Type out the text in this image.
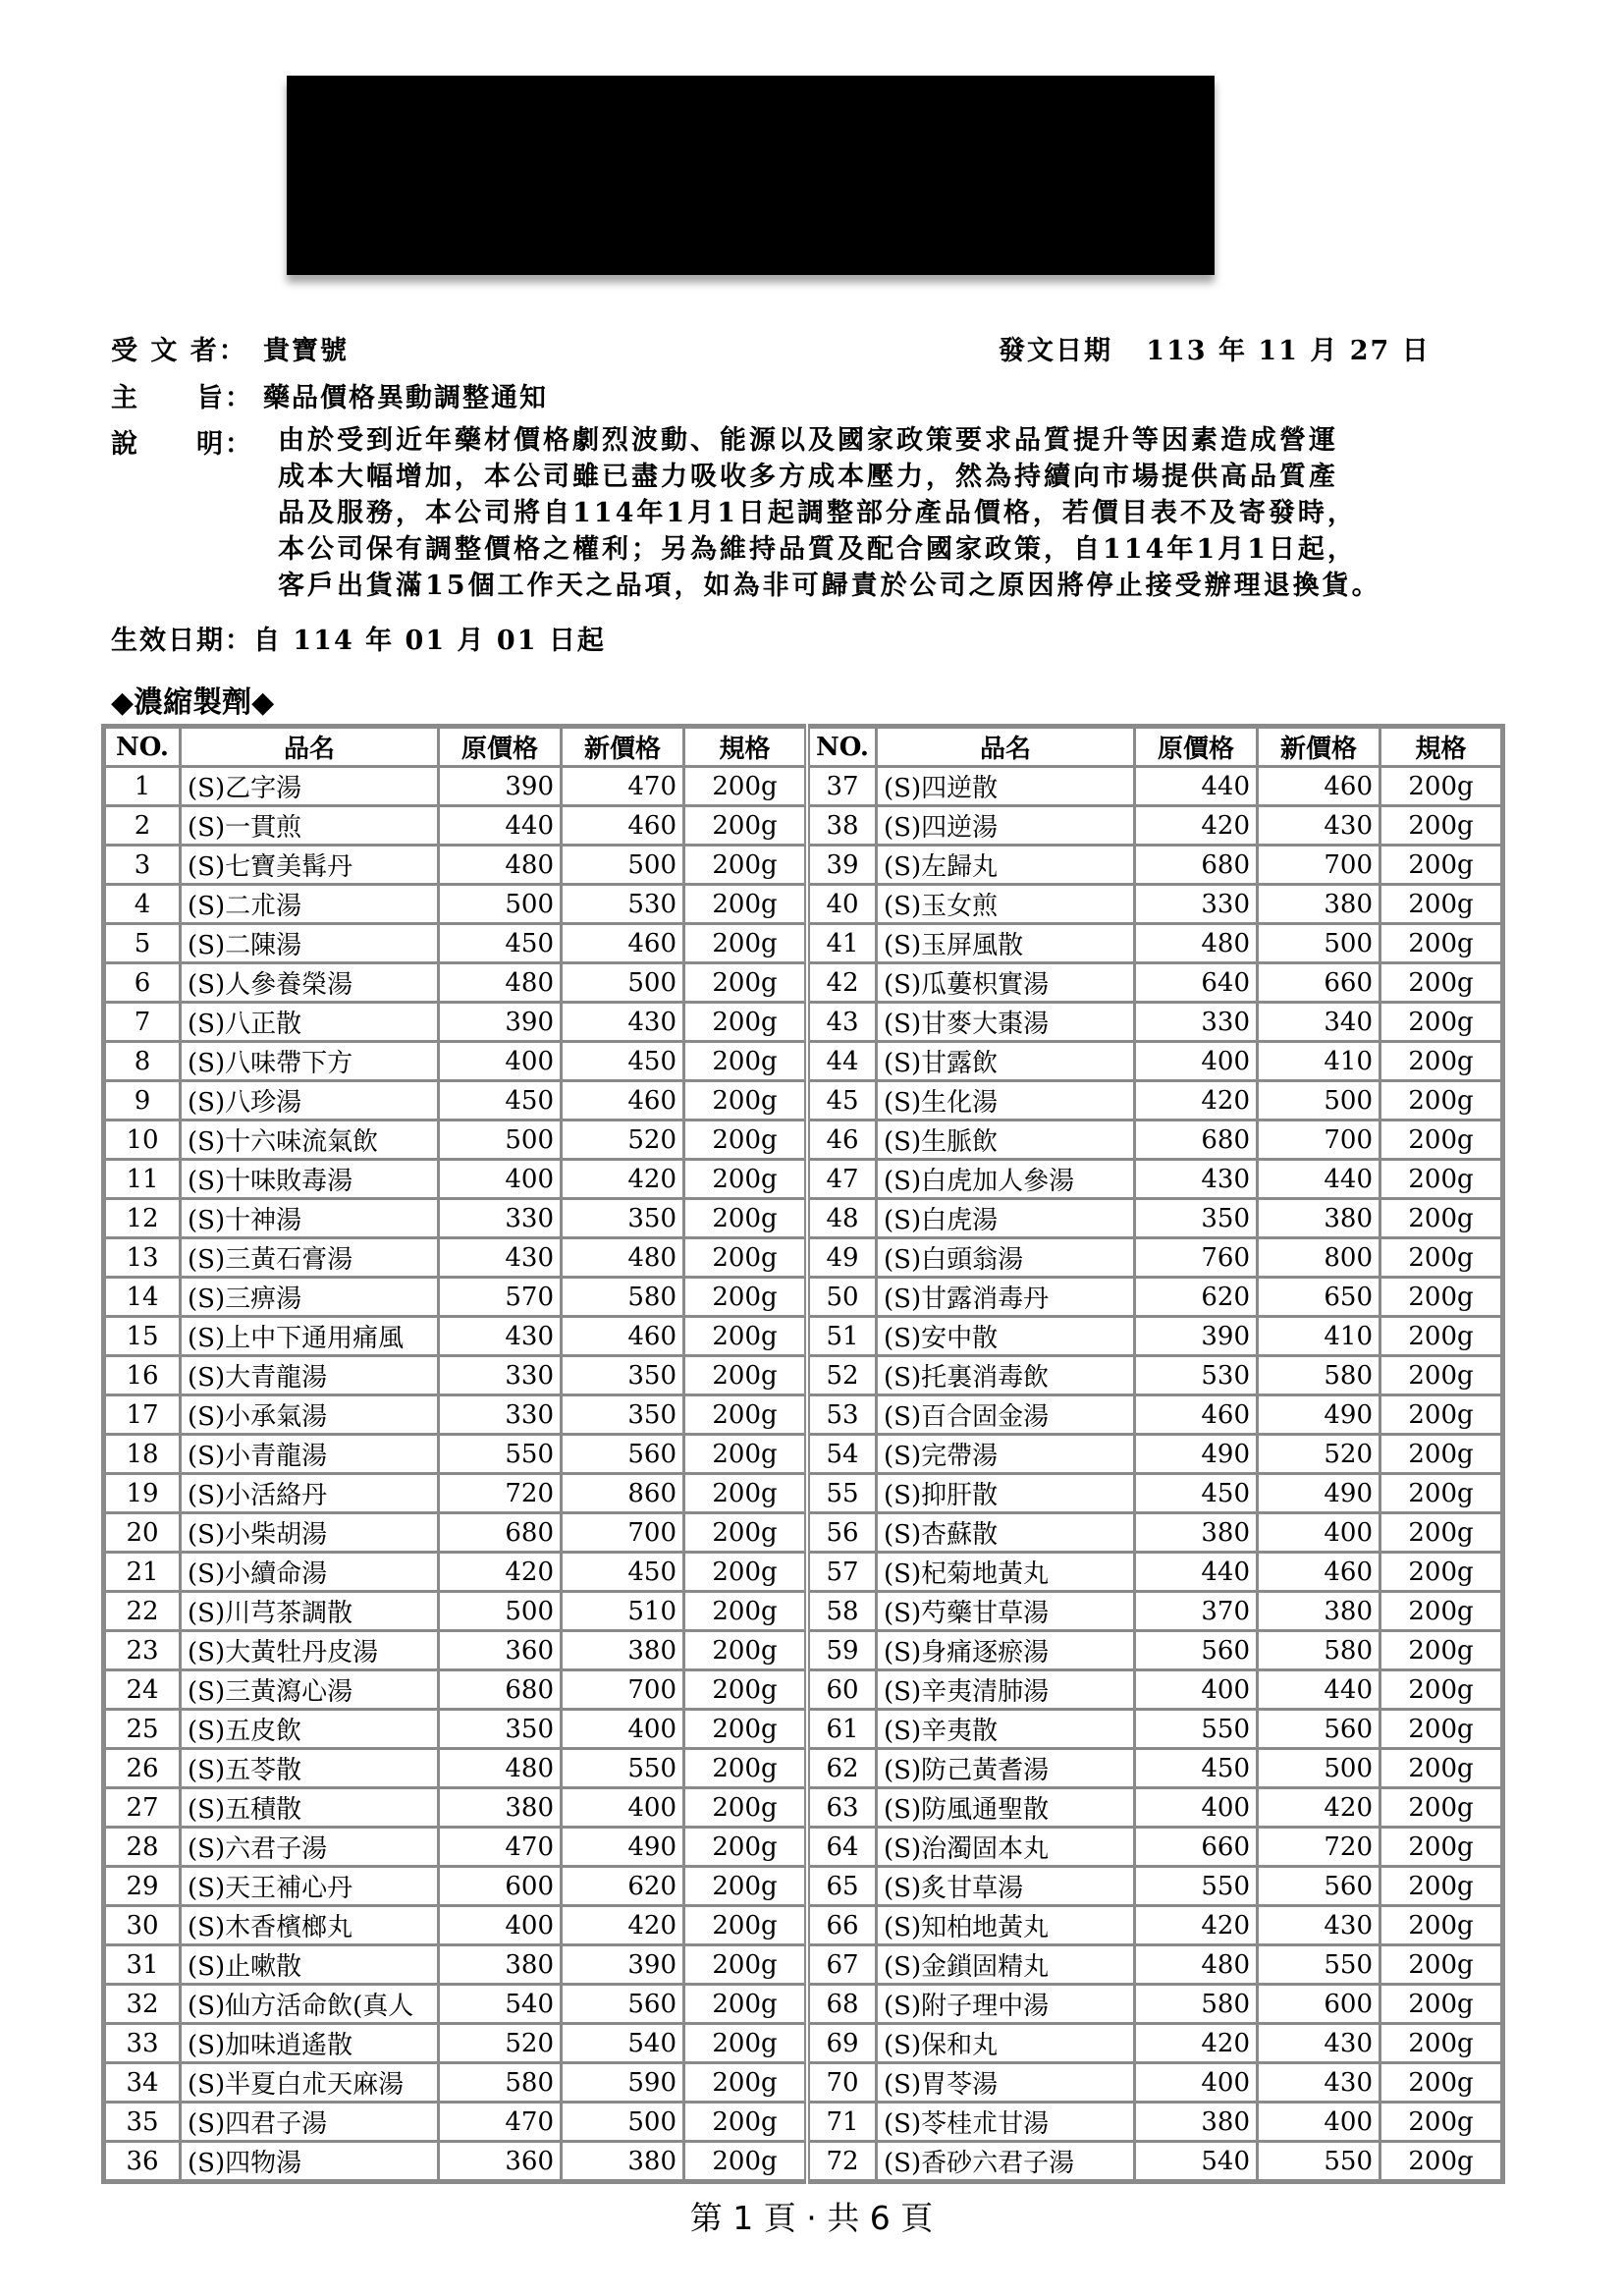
受 文 者： 貴寶號	發文日期 113 年 11 月 27 日
主　　旨： 藥品價格異動調整通知
說　　明： 由於受到近年藥材價格劇烈波動、能源以及國家政策要求品質提升等因素造成營運
成本大幅增加，本公司雖已盡力吸收多方成本壓力，然為持續向市場提供高品質產
品及服務，本公司將自114年1月1日起調整部分產品價格，若價目表不及寄發時，
本公司保有調整價格之權利；另為維持品質及配合國家政策，自114年1月1日起，
客戶出貨滿15個工作天之品項，如為非可歸責於公司之原因將停止接受辦理退換貨。
生效日期：自 114 年 01 月 01 日起
◆濃縮製劑◆
NO.	品名	原價格	新價格	規格	NO.	品名	原價格	新價格	規格
1	(S)乙字湯	390	470	200g	37	(S)四逆散	440	460	200g
2	(S)一貫煎	440	460	200g	38	(S)四逆湯	420	430	200g
3	(S)七寶美髯丹	480	500	200g	39	(S)左歸丸	680	700	200g
4	(S)二朮湯	500	530	200g	40	(S)玉女煎	330	380	200g
5	(S)二陳湯	450	460	200g	41	(S)玉屏風散	480	500	200g
6	(S)人參養榮湯	480	500	200g	42	(S)瓜蔞枳實湯	640	660	200g
7	(S)八正散	390	430	200g	43	(S)甘麥大棗湯	330	340	200g
8	(S)八味帶下方	400	450	200g	44	(S)甘露飲	400	410	200g
9	(S)八珍湯	450	460	200g	45	(S)生化湯	420	500	200g
10	(S)十六味流氣飲	500	520	200g	46	(S)生脈飲	680	700	200g
11	(S)十味敗毒湯	400	420	200g	47	(S)白虎加人參湯	430	440	200g
12	(S)十神湯	330	350	200g	48	(S)白虎湯	350	380	200g
13	(S)三黃石膏湯	430	480	200g	49	(S)白頭翁湯	760	800	200g
14	(S)三痹湯	570	580	200g	50	(S)甘露消毒丹	620	650	200g
15	(S)上中下通用痛風	430	460	200g	51	(S)安中散	390	410	200g
16	(S)大青龍湯	330	350	200g	52	(S)托裏消毒飲	530	580	200g
17	(S)小承氣湯	330	350	200g	53	(S)百合固金湯	460	490	200g
18	(S)小青龍湯	550	560	200g	54	(S)完帶湯	490	520	200g
19	(S)小活絡丹	720	860	200g	55	(S)抑肝散	450	490	200g
20	(S)小柴胡湯	680	700	200g	56	(S)杏蘇散	380	400	200g
21	(S)小續命湯	420	450	200g	57	(S)杞菊地黃丸	440	460	200g
22	(S)川芎茶調散	500	510	200g	58	(S)芍藥甘草湯	370	380	200g
23	(S)大黃牡丹皮湯	360	380	200g	59	(S)身痛逐瘀湯	560	580	200g
24	(S)三黃瀉心湯	680	700	200g	60	(S)辛夷清肺湯	400	440	200g
25	(S)五皮飲	350	400	200g	61	(S)辛夷散	550	560	200g
26	(S)五苓散	480	550	200g	62	(S)防己黃耆湯	450	500	200g
27	(S)五積散	380	400	200g	63	(S)防風通聖散	400	420	200g
28	(S)六君子湯	470	490	200g	64	(S)治濁固本丸	660	720	200g
29	(S)天王補心丹	600	620	200g	65	(S)炙甘草湯	550	560	200g
30	(S)木香檳榔丸	400	420	200g	66	(S)知柏地黃丸	420	430	200g
31	(S)止嗽散	380	390	200g	67	(S)金鎖固精丸	480	550	200g
32	(S)仙方活命飲(真人	540	560	200g	68	(S)附子理中湯	580	600	200g
33	(S)加味逍遙散	520	540	200g	69	(S)保和丸	420	430	200g
34	(S)半夏白朮天麻湯	580	590	200g	70	(S)胃苓湯	400	430	200g
35	(S)四君子湯	470	500	200g	71	(S)苓桂朮甘湯	380	400	200g
36	(S)四物湯	360	380	200g	72	(S)香砂六君子湯	540	550	200g
第 1 頁 · 共 6 頁
